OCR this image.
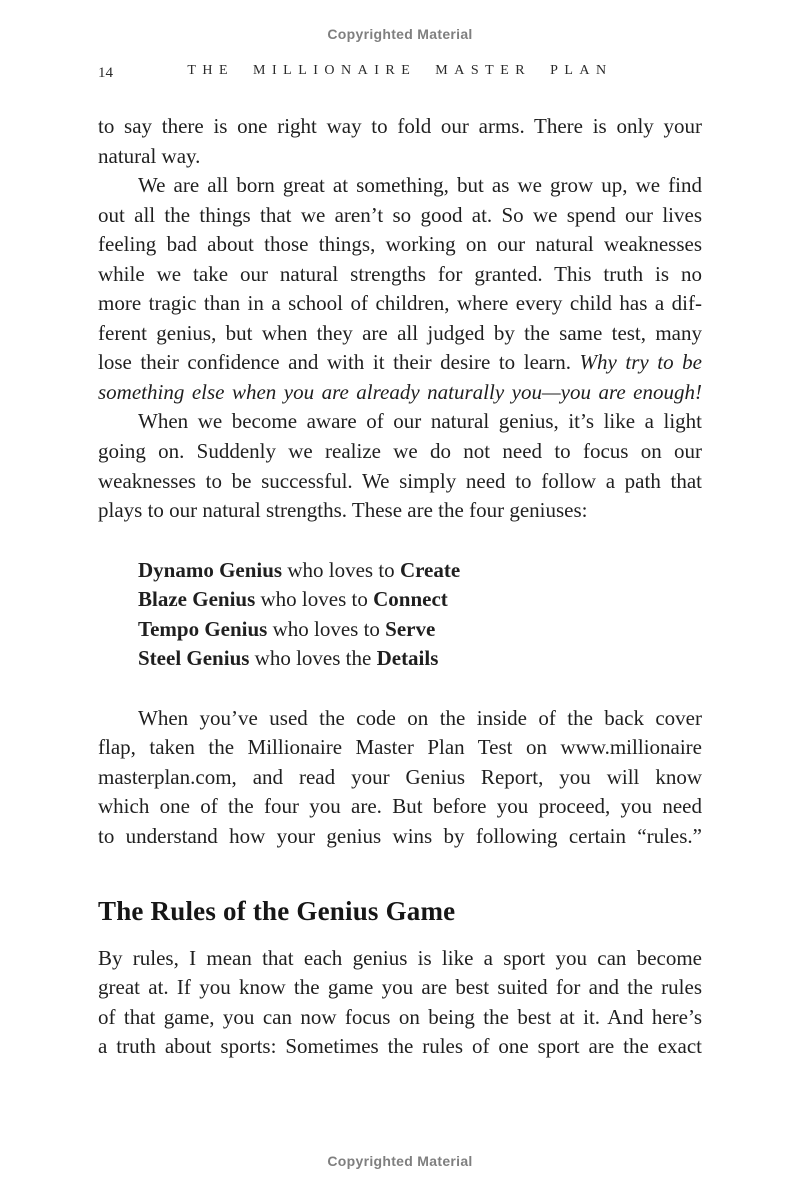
Copyrighted Material
14	THE MILLIONAIRE MASTER PLAN
to say there is one right way to fold our arms. There is only your
natural way.
We are all born great at something, but as we grow up, we find
out all the things that we aren’t so good at. So we spend our lives
feeling bad about those things, working on our natural weaknesses
while we take our natural strengths for granted. This truth is no
more tragic than in a school of children, where every child has a dif-
ferent genius, but when they are all judged by the same test, many
lose their confidence and with it their desire to learn. Why try to be
something else when you are already naturally you—you are enough!
When we become aware of our natural genius, it’s like a light
going on. Suddenly we realize we do not need to focus on our
weaknesses to be successful. We simply need to follow a path that
plays to our natural strengths. These are the four geniuses:
Dynamo Genius who loves to Create
Blaze Genius who loves to Connect
Tempo Genius who loves to Serve
Steel Genius who loves the Details
When you’ve used the code on the inside of the back cover
flap, taken the Millionaire Master Plan Test on www.millionaire
masterplan.com, and read your Genius Report, you will know
which one of the four you are. But before you proceed, you need
to understand how your genius wins by following certain “rules.”
The Rules of the Genius Game
By rules, I mean that each genius is like a sport you can become
great at. If you know the game you are best suited for and the rules
of that game, you can now focus on being the best at it. And here’s
a truth about sports: Sometimes the rules of one sport are the exact
Copyrighted Material
